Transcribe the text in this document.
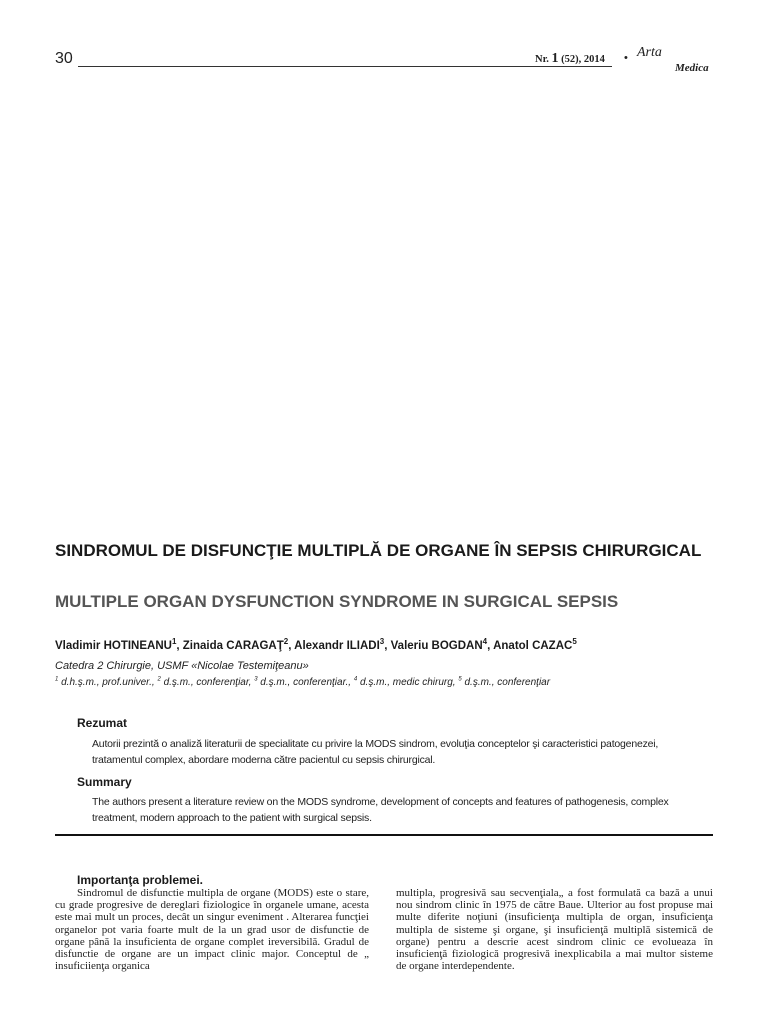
30	Nr. 1 (52), 2014 • Arta
Medica
SINDROMUL DE DISFUNCŢIE MULTIPLĂ DE ORGANE ÎN SEPSIS CHIRURGICAL
MULTIPLE ORGAN DYSFUNCTION SYNDROME IN SURGICAL SEPSIS
Vladimir HOTINEANU$^1$, Zinaida CARAGAŢ$^2$, Alexandr ILIADI$^3$, Valeriu BOGDAN$^4$, Anatol CAZAC$^5$
Catedra 2 Chirurgie, USMF «Nicolae Testemiţeanu»
$^1$ d.h.ş.m., prof.univer., $^2$ d.ş.m., conferenţiar, $^3$ d.ş.m., conferenţiar., $^4$ d.ş.m., medic chirurg, $^5$ d.ş.m., conferenţiar
Rezumat
Autorii prezintă o analiză literaturii de specialitate cu privire la MODS sindrom, evoluţia conceptelor şi caracteristici patogenezei, tratamentul complex, abordare moderna către pacientul cu sepsis chirurgical.
Summary
The authors present a literature review on the MODS syndrome, development of concepts and features of pathogenesis, complex treatment, modern approach to the patient with surgical sepsis.
Importanţa problemei.
Sindromul de disfunctie multipla de organe (MODS) este o stare, cu grade progresive de dereglari fiziologice în organele umane, acesta este mai mult un proces, decât un singur eveniment . Alterarea funcţiei organelor pot varia foarte mult de la un grad usor de disfunctie de organe până la insuficienta de organe complet ireversibilă. Gradul de disfunctie de organe are un impact clinic major. Conceptul de „ insuficiienţa organica
multipla, progresivă sau secvenţiala„ a fost formulată ca bază a unui nou sindrom clinic în 1975 de către Baue. Ulterior au fost propuse mai multe diferite noţiuni (insuficienţa multipla de organ, insuficienţa multipla de sisteme şi organe, şi insuficienţă multiplă sistemică de organe) pentru a descrie acest sindrom clinic ce evolueaza în insuficienţă fiziologică progresivă inexplicabila a mai multor sisteme de organe interdependente.
